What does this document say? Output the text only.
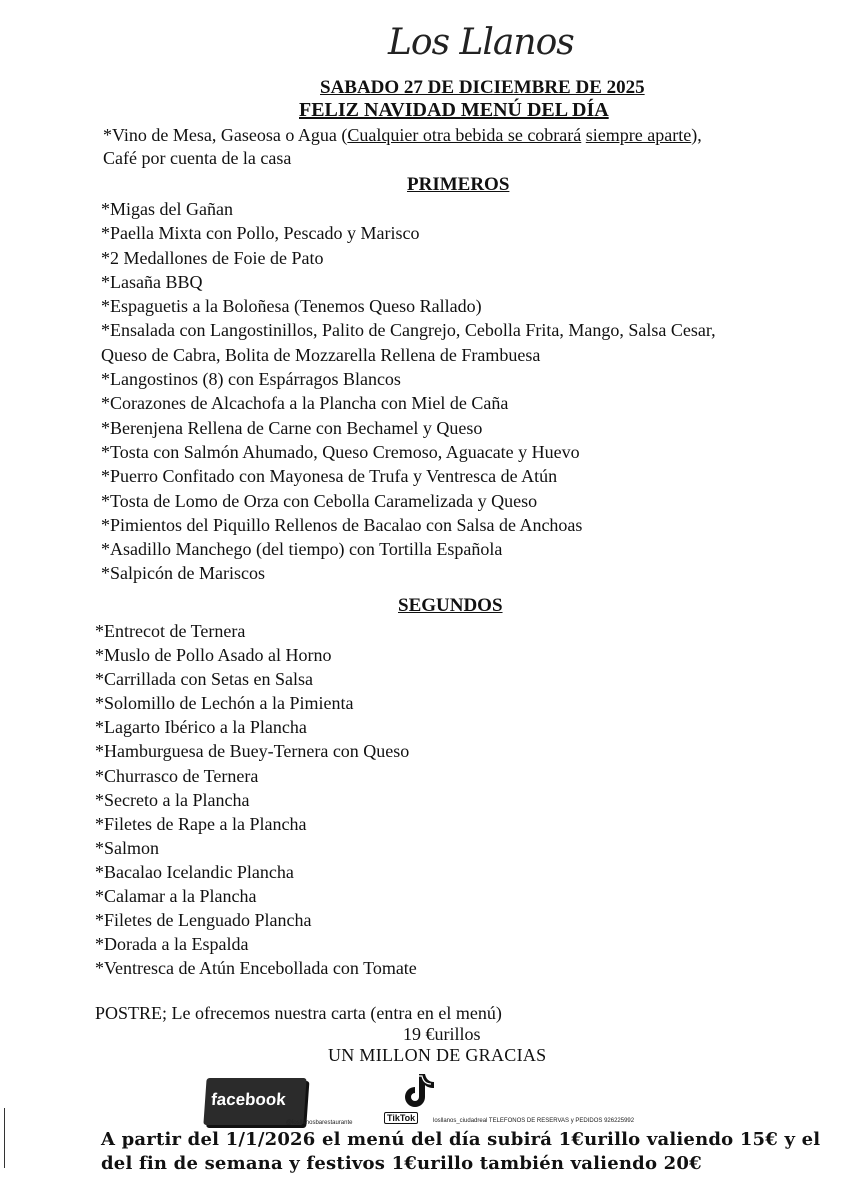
Los Llanos
SABADO 27 DE DICIEMBRE DE 2025
FELIZ NAVIDAD MENÚ DEL DÍA
*Vino de Mesa, Gaseosa o Agua (Cualquier otra bebida se cobrará siempre aparte),
Café por cuenta de la casa
PRIMEROS
*Migas del Gañan
*Paella Mixta con Pollo, Pescado y Marisco
*2 Medallones de Foie de Pato
*Lasaña BBQ
*Espaguetis a la Boloñesa (Tenemos Queso Rallado)
*Ensalada con Langostinillos, Palito de Cangrejo, Cebolla Frita, Mango, Salsa Cesar,
Queso de Cabra, Bolita de Mozzarella Rellena de Frambuesa
*Langostinos (8) con Espárragos Blancos
*Corazones de Alcachofa a la Plancha con Miel de Caña
*Berenjena Rellena de Carne con Bechamel y Queso
*Tosta con Salmón Ahumado, Queso Cremoso, Aguacate y Huevo
*Puerro Confitado con Mayonesa de Trufa y Ventresca de Atún
*Tosta de Lomo de Orza con Cebolla Caramelizada y Queso
*Pimientos del Piquillo Rellenos de Bacalao con Salsa de Anchoas
*Asadillo Manchego (del tiempo) con Tortilla Española
*Salpicón de Mariscos
SEGUNDOS
*Entrecot de Ternera
*Muslo de Pollo Asado al Horno
*Carrillada con Setas en Salsa
*Solomillo de Lechón a la Pimienta
*Lagarto Ibérico a la Plancha
*Hamburguesa de Buey-Ternera con Queso
*Churrasco de Ternera
*Secreto a la Plancha
*Filetes de Rape a la Plancha
*Salmon
*Bacalao Icelandic Plancha
*Calamar a la Plancha
*Filetes de Lenguado Plancha
*Dorada a la Espalda
*Ventresca de Atún Encebollada con Tomate
POSTRE; Le ofrecemos nuestra carta (entra en el menú)
19 €urillos
UN MILLON DE GRACIAS
facebook
TikTok
@losllanosbarestaurante	losllanos_ciudadreal TELEFONOS DE RESERVAS y PEDIDOS 926225992
A partir del 1/1/2026 el menú del día subirá 1€urillo valiendo 15€ y el
del fin de semana y festivos 1€urillo también valiendo 20€
